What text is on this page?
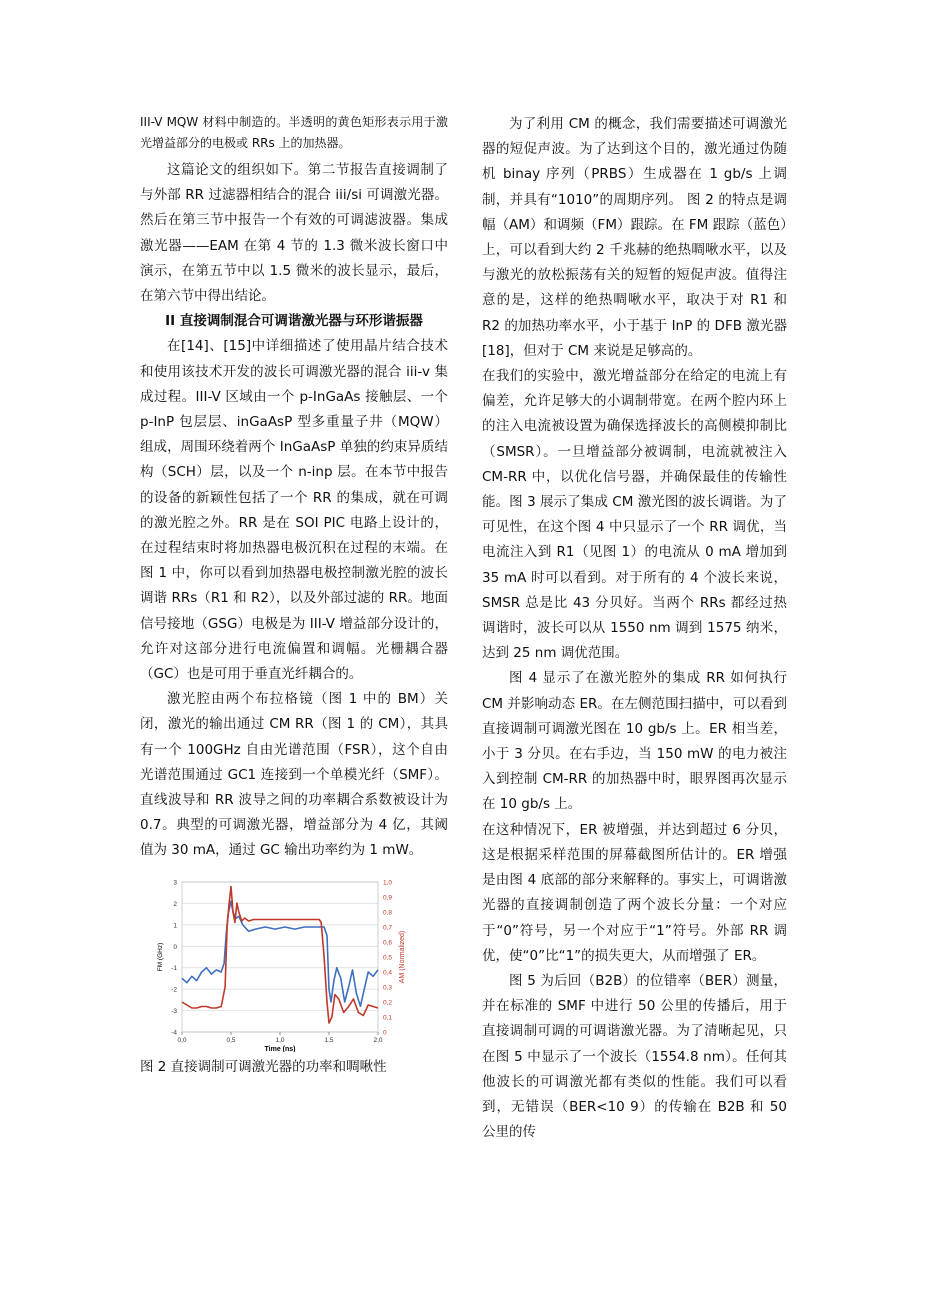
III-V MQW 材料中制造的。半透明的黄色矩形表示用于激光增益部分的电极或 RRs 上的加热器。

这篇论文的组织如下。第二节报告直接调制了与外部 RR 过滤器相结合的混合 iii/si 可调激光器。然后在第三节中报告一个有效的可调滤波器。集成激光器——EAM 在第 4 节的 1.3 微米波长窗口中演示，在第五节中以 1.5 微米的波长显示，最后，在第六节中得出结论。

II 直接调制混合可调谐激光器与环形谐振器

在[14]、[15]中详细描述了使用晶片结合技术和使用该技术开发的波长可调激光器的混合 iii-v 集成过程。III-V 区域由一个 p-InGaAs 接触层、一个 p-InP 包层层、inGaAsP 型多重量子井（MQW）组成，周围环绕着两个 InGaAsP 单独的约束异质结构（SCH）层，以及一个 n-inp 层。在本节中报告的设备的新颖性包括了一个 RR 的集成，就在可调的激光腔之外。RR 是在 SOI PIC 电路上设计的，在过程结束时将加热器电极沉积在过程的末端。在图 1 中，你可以看到加热器电极控制激光腔的波长调谐 RRs（R1 和 R2），以及外部过滤的 RR。地面信号接地（GSG）电极是为 III-V 增益部分设计的，允许对这部分进行电流偏置和调幅。光栅耦合器（GC）也是可用于垂直光纤耦合的。

激光腔由两个布拉格镜（图 1 中的 BM）关闭，激光的输出通过 CM RR（图 1 的 CM），其具有一个 100GHz 自由光谱范围（FSR），这个自由光谱范围通过 GC1 连接到一个单模光纤（SMF）。直线波导和 RR 波导之间的功率耦合系数被设计为 0.7。典型的可调激光器，增益部分为 4 亿，其阈值为 30 mA，通过 GC 输出功率约为 1 mW。

-4
-3
-2
-1
0
1
2
3
0
0,1
0,2
0,3
0,4
0,5
0,6
0,7
0,8
0,9
1,0
0,0	0,5	1,0	1,5	2,0
Time (ns)
FM (GHz)	AM (Normalized)

图 2 直接调制可调激光器的功率和啁啾性

为了利用 CM 的概念，我们需要描述可调激光器的短促声波。为了达到这个目的，激光通过伪随机 binay 序列（PRBS）生成器在 1 gb/s 上调制，并具有“1010”的周期序列。 图 2 的特点是调幅（AM）和调频（FM）跟踪。在 FM 跟踪（蓝色）上，可以看到大约 2 千兆赫的绝热啁啾水平，以及与激光的放松振荡有关的短暂的短促声波。值得注意的是，这样的绝热啁啾水平，取决于对 R1 和 R2 的加热功率水平，小于基于 InP 的 DFB 激光器[18]，但对于 CM 来说是足够高的。

在我们的实验中，激光增益部分在给定的电流上有偏差，允许足够大的小调制带宽。在两个腔内环上的注入电流被设置为确保选择波长的高侧模抑制比（SMSR）。一旦增益部分被调制，电流就被注入 CM-RR 中，以优化信号器，并确保最佳的传输性能。图 3 展示了集成 CM 激光图的波长调谐。为了可见性，在这个图 4 中只显示了一个 RR 调优，当电流注入到 R1（见图 1）的电流从 0 mA 增加到 35 mA 时可以看到。对于所有的 4 个波长来说，SMSR 总是比 43 分贝好。当两个 RRs 都经过热调谐时，波长可以从 1550 nm 调到 1575 纳米，达到 25 nm 调优范围。

图 4 显示了在激光腔外的集成 RR 如何执行 CM 并影响动态 ER。在左侧范围扫描中，可以看到直接调制可调激光图在 10 gb/s 上。ER 相当差，小于 3 分贝。在右手边，当 150 mW 的电力被注入到控制 CM-RR 的加热器中时，眼界图再次显示在 10 gb/s 上。

在这种情况下，ER 被增强，并达到超过 6 分贝，这是根据采样范围的屏幕截图所估计的。ER 增强是由图 4 底部的部分来解释的。事实上，可调谐激光器的直接调制创造了两个波长分量：一个对应于“0”符号，另一个对应于“1”符号。外部 RR 调优，使“0”比“1”的损失更大，从而增强了 ER。

图 5 为后回（B2B）的位错率（BER）测量，并在标准的 SMF 中进行 50 公里的传播后，用于直接调制可调的可调谐激光器。为了清晰起见，只在图 5 中显示了一个波长（1554.8 nm）。任何其他波长的可调激光都有类似的性能。我们可以看到，无错误（BER<10 9）的传输在 B2B 和 50 公里的传
